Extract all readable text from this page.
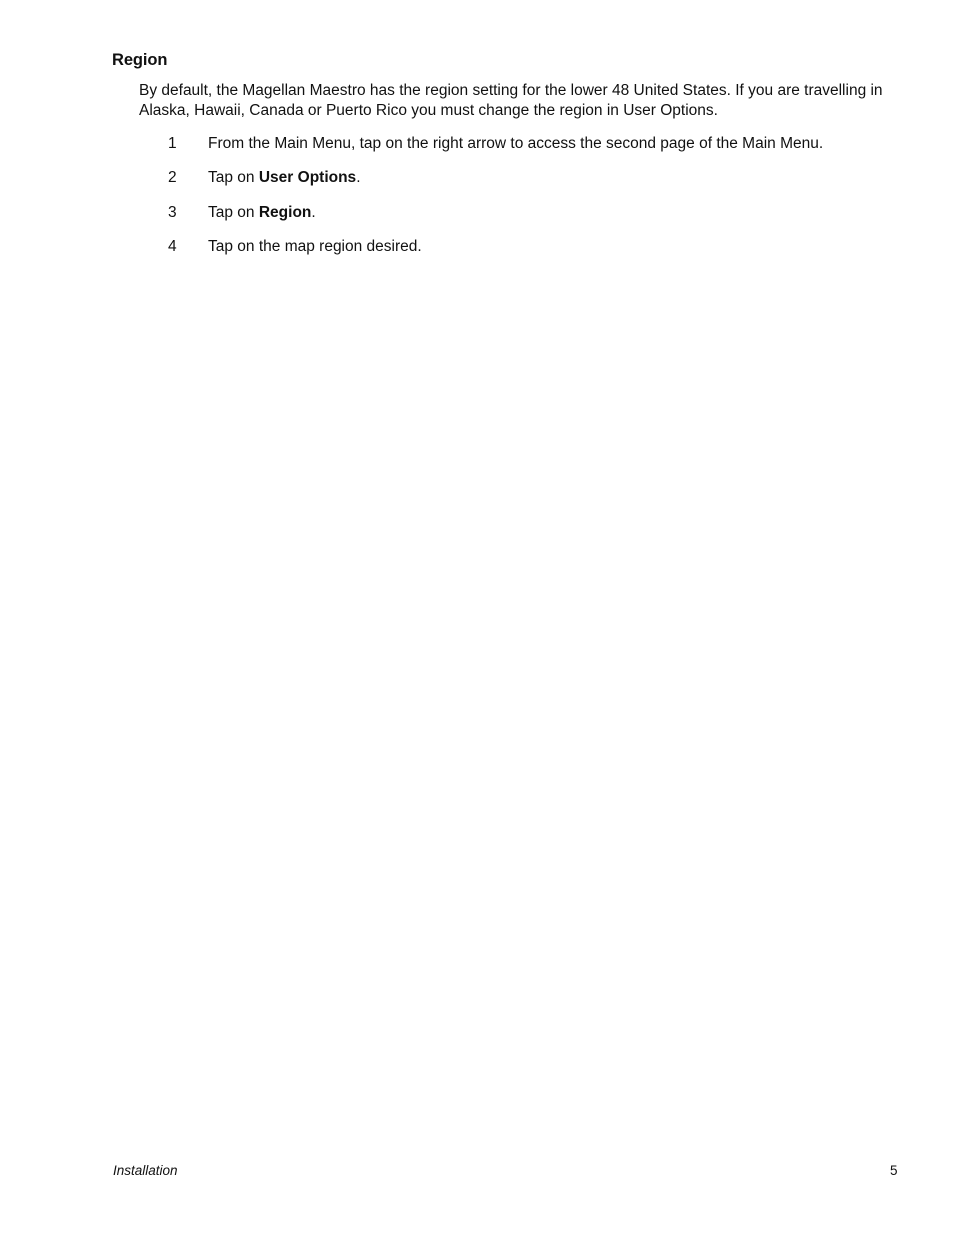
Region

By default, the Magellan Maestro has the region setting for the lower 48 United States. If you are travelling in Alaska, Hawaii, Canada or Puerto Rico you must change the region in User Options.

1 From the Main Menu, tap on the right arrow to access the second page of the Main Menu.
2 Tap on User Options.
3 Tap on Region.
4 Tap on the map region desired.
Installation	5
